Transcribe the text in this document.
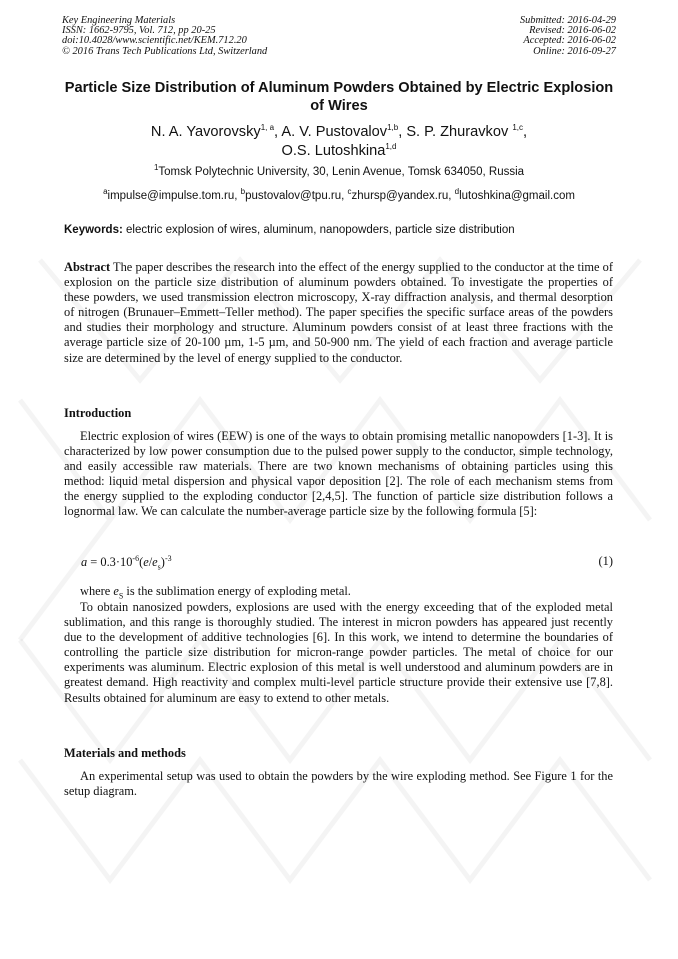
Key Engineering Materials
ISSN: 1662-9795, Vol. 712, pp 20-25
doi:10.4028/www.scientific.net/KEM.712.20
© 2016 Trans Tech Publications Ltd, Switzerland
Submitted: 2016-04-29
Revised: 2016-06-02
Accepted: 2016-06-02
Online: 2016-09-27
Particle Size Distribution of Aluminum Powders Obtained by Electric Explosion of Wires
N. A. Yavorovsky$^{1, a}$, A. V. Pustovalov$^{1,b}$, S. P. Zhuravkov $^{1,c}$,
O.S. Lutoshkina$^{1,d}$
$^1$Tomsk Polytechnic University, 30, Lenin Avenue, Tomsk 634050, Russia
$^a$impulse@impulse.tom.ru, $^b$pustovalov@tpu.ru, $^c$zhursp@yandex.ru, $^d$lutoshkina@gmail.com
Keywords: electric explosion of wires, aluminum, nanopowders, particle size distribution
Abstract The paper describes the research into the effect of the energy supplied to the conductor at the time of explosion on the particle size distribution of aluminum powders obtained. To investigate the properties of these powders, we used transmission electron microscopy, X-ray diffraction analysis, and thermal desorption of nitrogen (Brunauer–Emmett–Teller method). The paper specifies the specific surface areas of the powders and studies their morphology and structure. Aluminum powders consist of at least three fractions with the average particle size of 20-100 µm, 1-5 µm, and 50-900 nm. The yield of each fraction and average particle size are determined by the level of energy supplied to the conductor.
Introduction
Electric explosion of wires (EEW) is one of the ways to obtain promising metallic nanopowders [1-3]. It is characterized by low power consumption due to the pulsed power supply to the conductor, simple technology, and easily accessible raw materials. There are two known mechanisms of obtaining particles using this method: liquid metal dispersion and physical vapor deposition [2]. The role of each mechanism stems from the energy supplied to the exploding conductor [2,4,5]. The function of particle size distribution follows a lognormal law. We can calculate the number-average particle size by the following formula [5]:
$a = 0.3\cdot 10^{-6}(e/e_s)^{-3}$	(1)
where $e_S$ is the sublimation energy of exploding metal.
To obtain nanosized powders, explosions are used with the energy exceeding that of the exploded metal sublimation, and this range is thoroughly studied. The interest in micron powders has appeared just recently due to the development of additive technologies [6]. In this work, we intend to determine the boundaries of controlling the particle size distribution for micron-range powder particles. The metal of choice for our experiments was aluminum. Electric explosion of this metal is well understood and aluminum powders are in greatest demand. High reactivity and complex multi-level particle structure provide their extensive use [7,8]. Results obtained for aluminum are easy to extend to other metals.
Materials and methods
An experimental setup was used to obtain the powders by the wire exploding method. See Figure 1 for the setup diagram.
